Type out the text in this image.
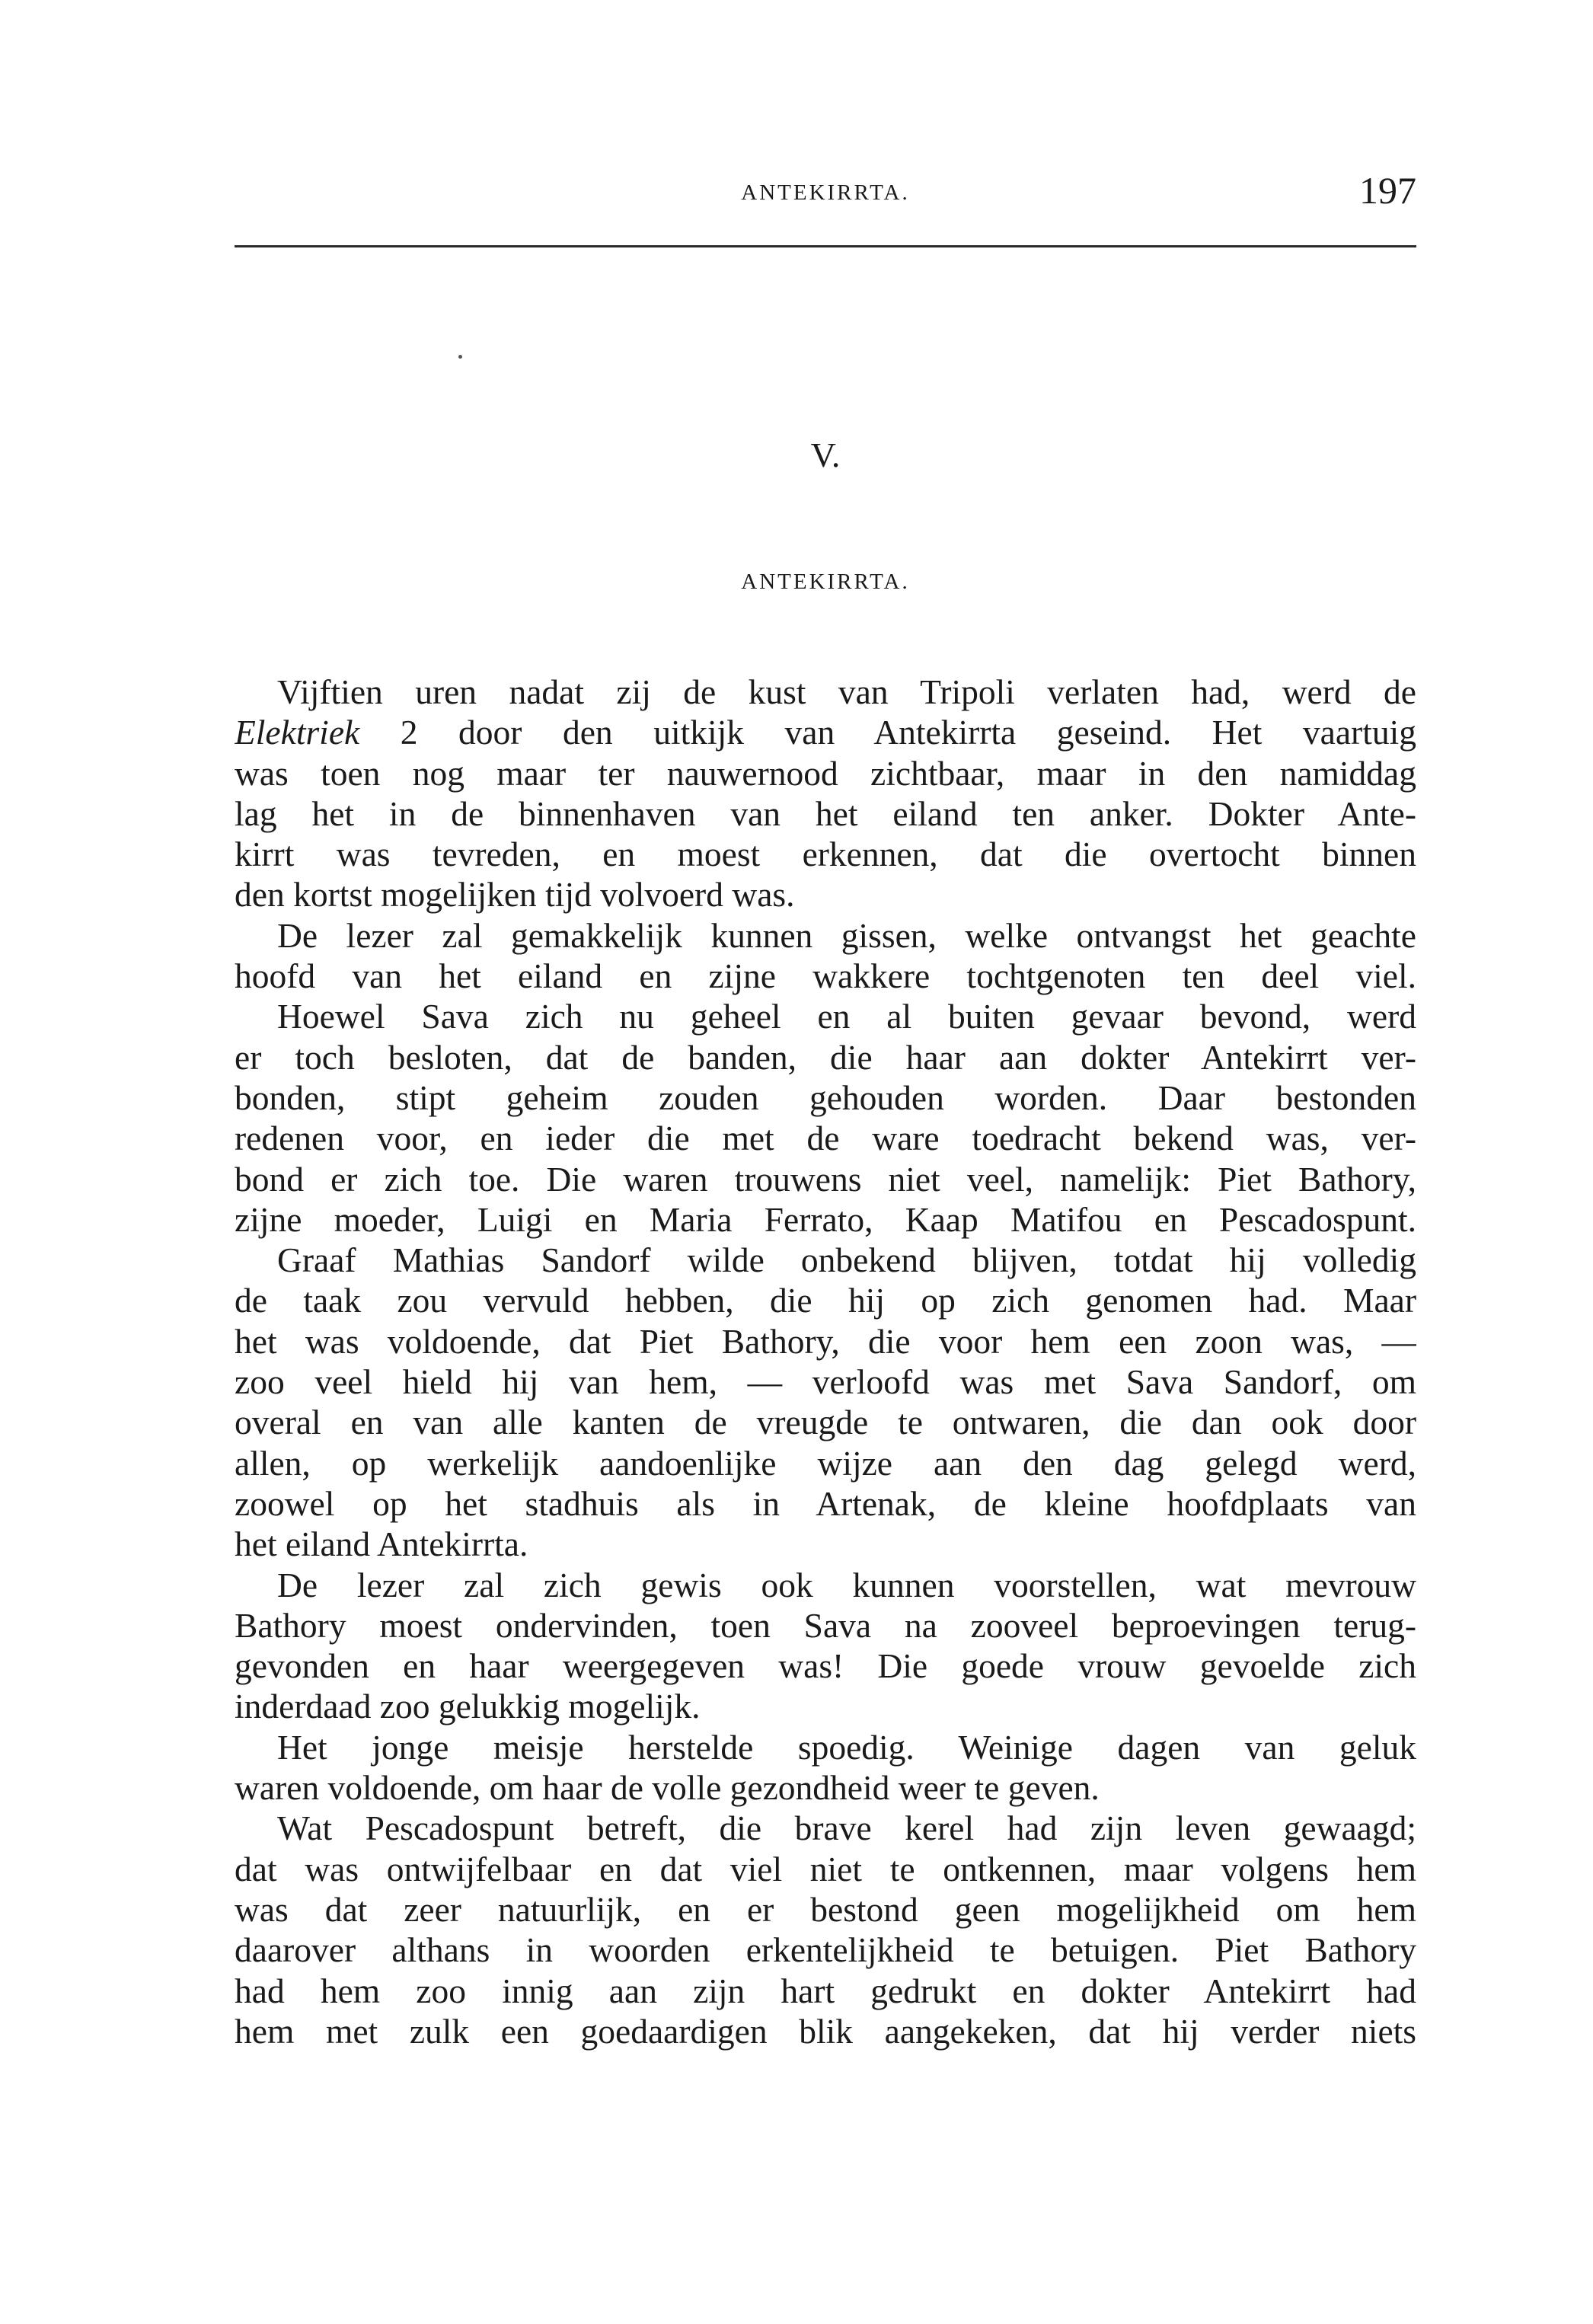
ANTEKIRRTA.	197
V.
ANTEKIRRTA.
Vijftien uren nadat zij de kust van Tripoli verlaten had, werd de
Elektriek 2 door den uitkijk van Antekirrta geseind. Het vaartuig
was toen nog maar ter nauwernood zichtbaar, maar in den namiddag
lag het in de binnenhaven van het eiland ten anker. Dokter Ante-
kirrt was tevreden, en moest erkennen, dat die overtocht binnen
den kortst mogelijken tijd volvoerd was.
De lezer zal gemakkelijk kunnen gissen, welke ontvangst het geachte
hoofd van het eiland en zijne wakkere tochtgenoten ten deel viel.
Hoewel Sava zich nu geheel en al buiten gevaar bevond, werd
er toch besloten, dat de banden, die haar aan dokter Antekirrt ver-
bonden, stipt geheim zouden gehouden worden. Daar bestonden
redenen voor, en ieder die met de ware toedracht bekend was, ver-
bond er zich toe. Die waren trouwens niet veel, namelijk: Piet Bathory,
zijne moeder, Luigi en Maria Ferrato, Kaap Matifou en Pescadospunt.
Graaf Mathias Sandorf wilde onbekend blijven, totdat hij volledig
de taak zou vervuld hebben, die hij op zich genomen had. Maar
het was voldoende, dat Piet Bathory, die voor hem een zoon was, —
zoo veel hield hij van hem, — verloofd was met Sava Sandorf, om
overal en van alle kanten de vreugde te ontwaren, die dan ook door
allen, op werkelijk aandoenlijke wijze aan den dag gelegd werd,
zoowel op het stadhuis als in Artenak, de kleine hoofdplaats van
het eiland Antekirrta.
De lezer zal zich gewis ook kunnen voorstellen, wat mevrouw
Bathory moest ondervinden, toen Sava na zooveel beproevingen terug-
gevonden en haar weergegeven was! Die goede vrouw gevoelde zich
inderdaad zoo gelukkig mogelijk.
Het jonge meisje herstelde spoedig. Weinige dagen van geluk
waren voldoende, om haar de volle gezondheid weer te geven.
Wat Pescadospunt betreft, die brave kerel had zijn leven gewaagd;
dat was ontwijfelbaar en dat viel niet te ontkennen, maar volgens hem
was dat zeer natuurlijk, en er bestond geen mogelijkheid om hem
daarover althans in woorden erkentelijkheid te betuigen. Piet Bathory
had hem zoo innig aan zijn hart gedrukt en dokter Antekirrt had
hem met zulk een goedaardigen blik aangekeken, dat hij verder niets
